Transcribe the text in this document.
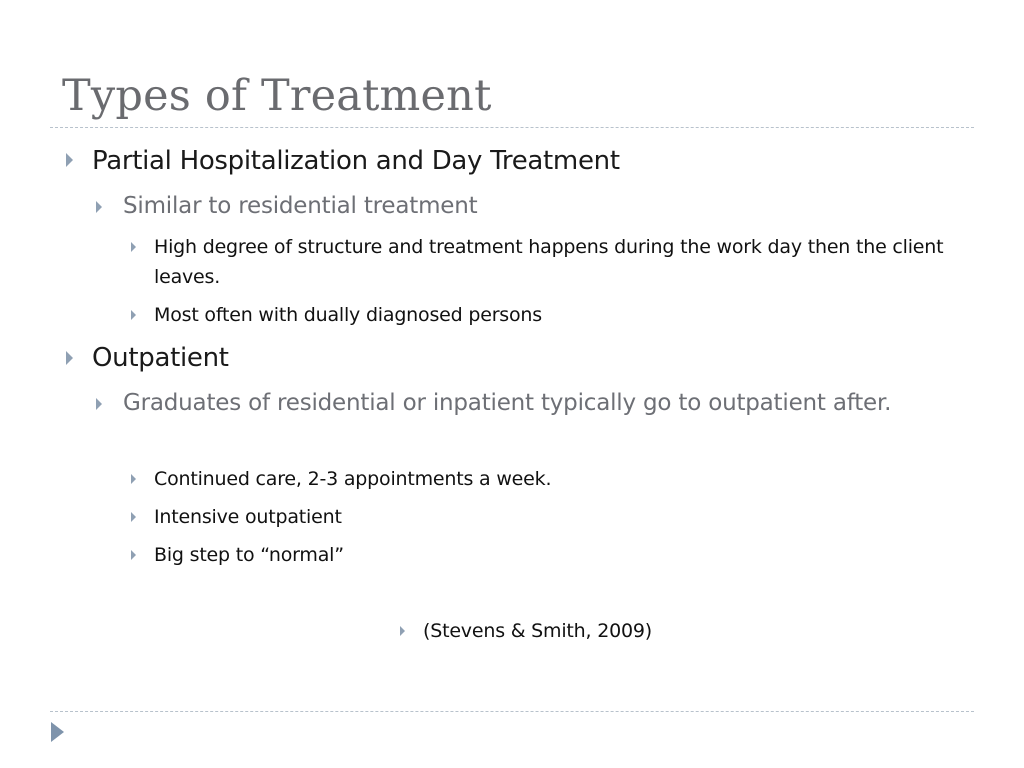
Types of Treatment

Partial Hospitalization and Day Treatment

Similar to residential treatment

High degree of structure and treatment happens during the work day then the client leaves.

Most often with dually diagnosed persons

Outpatient

Graduates of residential or inpatient typically go to outpatient after.

Continued care, 2-3 appointments a week.

Intensive outpatient

Big step to “normal”

(Stevens & Smith, 2009)
